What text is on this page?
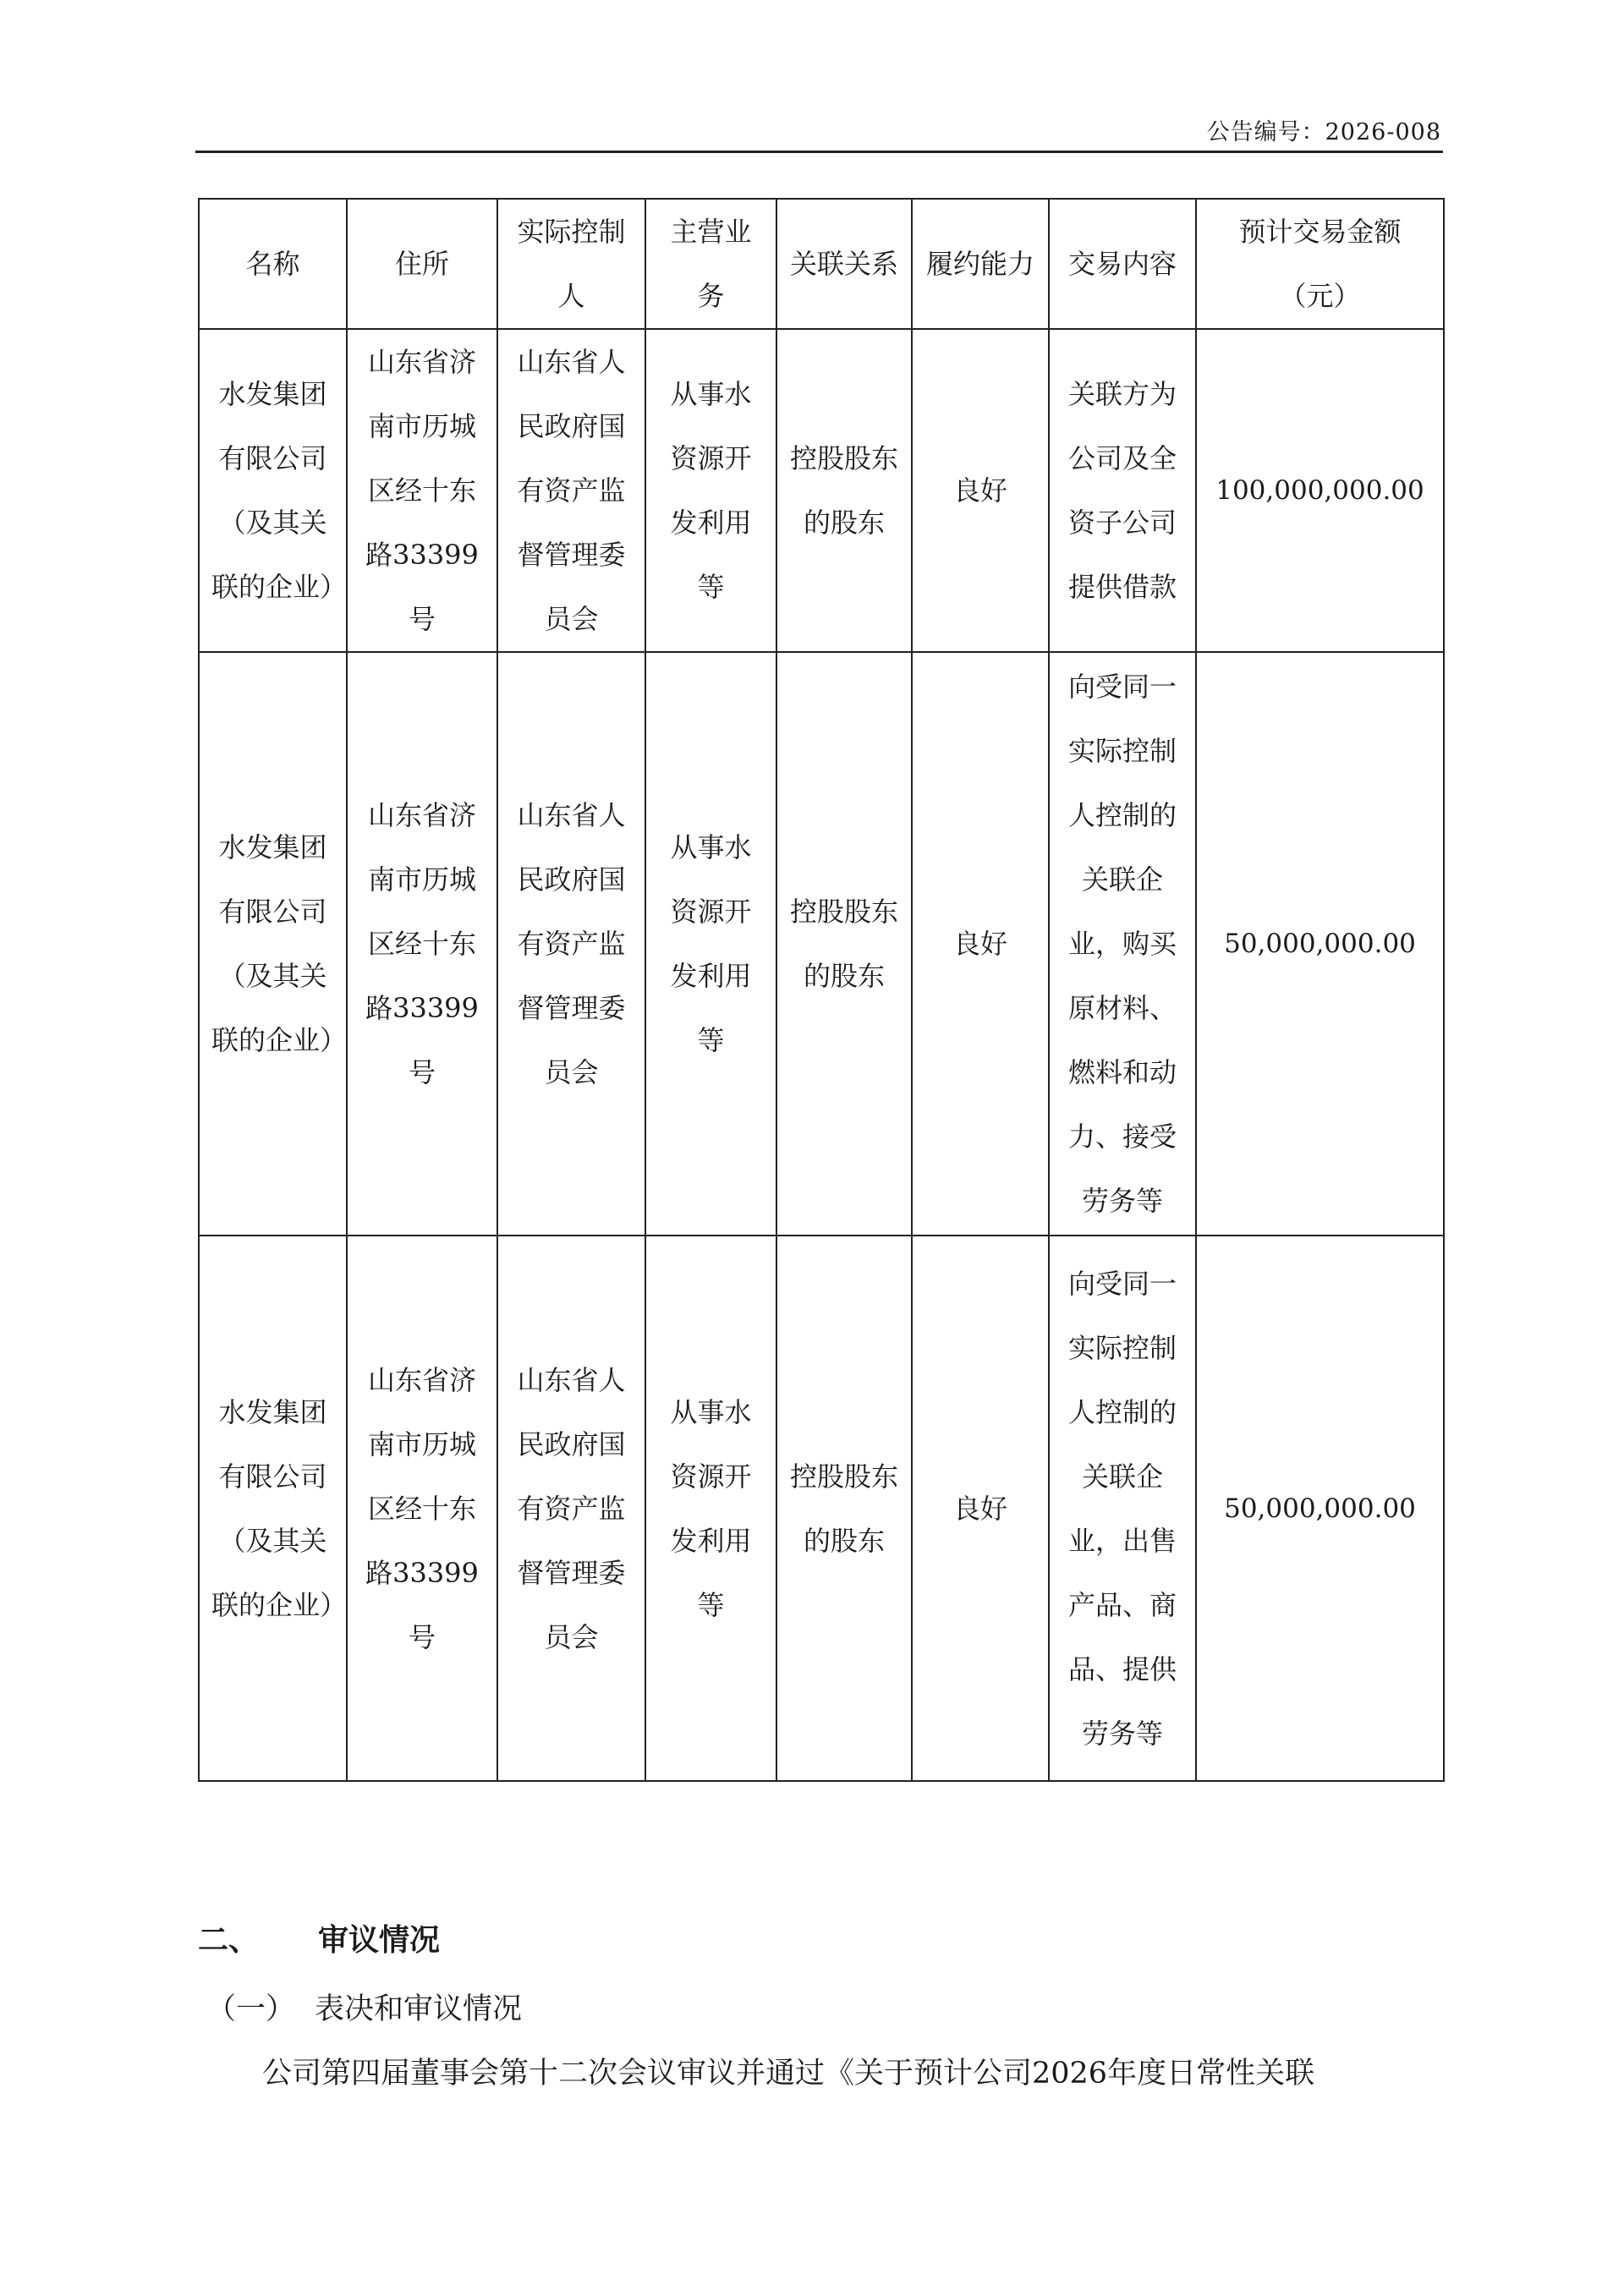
公告编号：2026-008
名称	住所	实际控制人	主营业务	关联关系	履约能力	交易内容	预计交易金额（元）
水发集团有限公司（及其关联的企业）	山东省济南市历城区经十东路33399号	山东省人民政府国有资产监督管理委员会	从事水资源开发利用等	控股股东的股东	良好	关联方为公司及全资子公司提供借款	100,000,000.00
水发集团有限公司（及其关联的企业）	山东省济南市历城区经十东路33399号	山东省人民政府国有资产监督管理委员会	从事水资源开发利用等	控股股东的股东	良好	向受同一实际控制人控制的关联企业，购买原材料、燃料和动力、接受劳务等	50,000,000.00
水发集团有限公司（及其关联的企业）	山东省济南市历城区经十东路33399号	山东省人民政府国有资产监督管理委员会	从事水资源开发利用等	控股股东的股东	良好	向受同一实际控制人控制的关联企业，出售产品、商品、提供劳务等	50,000,000.00
二、 审议情况
（一） 表决和审议情况
公司第四届董事会第十二次会议审议并通过《关于预计公司2026年度日常性关联
